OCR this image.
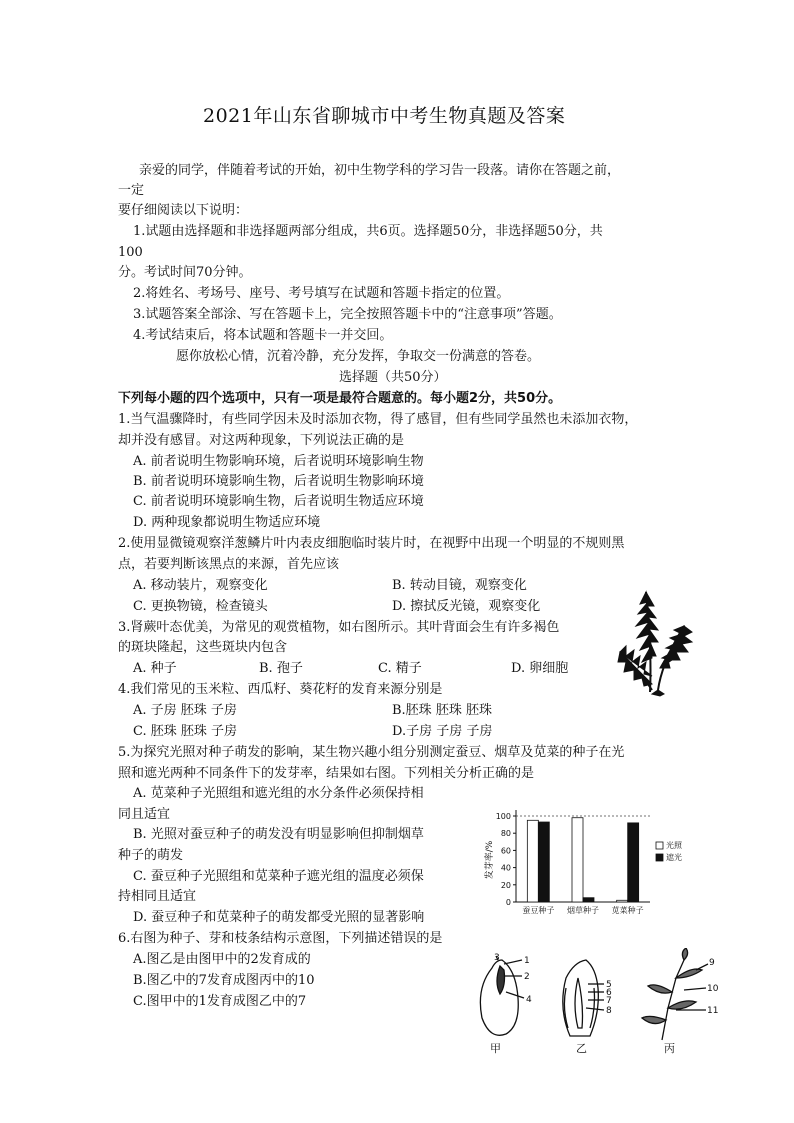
2021年山东省聊城市中考生物真题及答案
亲爱的同学，伴随着考试的开始，初中生物学科的学习告一段落。请你在答题之前，
一定
要仔细阅读以下说明：
1.试题由选择题和非选择题两部分组成，共6页。选择题50分，非选择题50分，共
100
分。考试时间70分钟。
2.将姓名、考场号、座号、考号填写在试题和答题卡指定的位置。
3.试题答案全部涂、写在答题卡上，完全按照答题卡中的“注意事项”答题。
4.考试结束后，将本试题和答题卡一并交回。
愿你放松心情，沉着冷静，充分发挥，争取交一份满意的答卷。
选择题（共50分）
下列每小题的四个选项中，只有一项是最符合题意的。每小题2分，共50分。
1.当气温骤降时，有些同学因未及时添加衣物，得了感冒，但有些同学虽然也未添加衣物，
却并没有感冒。对这两种现象，下列说法正确的是
A. 前者说明生物影响环境，后者说明环境影响生物
B. 前者说明环境影响生物，后者说明生物影响环境
C. 前者说明环境影响生物，后者说明生物适应环境
D. 两种现象都说明生物适应环境
2.使用显微镜观察洋葱鳞片叶内表皮细胞临时装片时，在视野中出现一个明显的不规则黑
点，若要判断该黑点的来源，首先应该
A. 移动装片，观察变化	B. 转动目镜，观察变化
C. 更换物镜，检查镜头	D. 擦拭反光镜，观察变化
3.肾蕨叶态优美，为常见的观赏植物，如右图所示。其叶背面会生有许多褐色
的斑块隆起，这些斑块内包含
A. 种子	B. 孢子	C. 精子	D. 卵细胞
4.我们常见的玉米粒、西瓜籽、葵花籽的发育来源分别是
A. 子房 胚珠 子房	B.胚珠 胚珠 胚珠
C. 胚珠 胚珠 子房	D.子房 子房 子房
5.为探究光照对种子萌发的影响，某生物兴趣小组分别测定蚕豆、烟草及苋菜的种子在光
照和遮光两种不同条件下的发芽率，结果如右图。下列相关分析正确的是
A. 苋菜种子光照组和遮光组的水分条件必须保持相
同且适宜
B. 光照对蚕豆种子的萌发没有明显影响但抑制烟草
种子的萌发
C. 蚕豆种子光照组和苋菜种子遮光组的温度必须保
持相同且适宜
D. 蚕豆种子和苋菜种子的萌发都受光照的显著影响
0
20
40
60
80
100
发芽率/%
蚕豆种子 烟草种子 苋菜种子
光照
遮光
6.右图为种子、芽和枝条结构示意图，下列描述错误的是
A.图乙是由图甲中的2发育成的
B.图乙中的7发育成图丙中的10
C.图甲中的1发育成图乙中的7
3	1
2
4
5
6
7
8
9
10
11
甲	乙	丙
